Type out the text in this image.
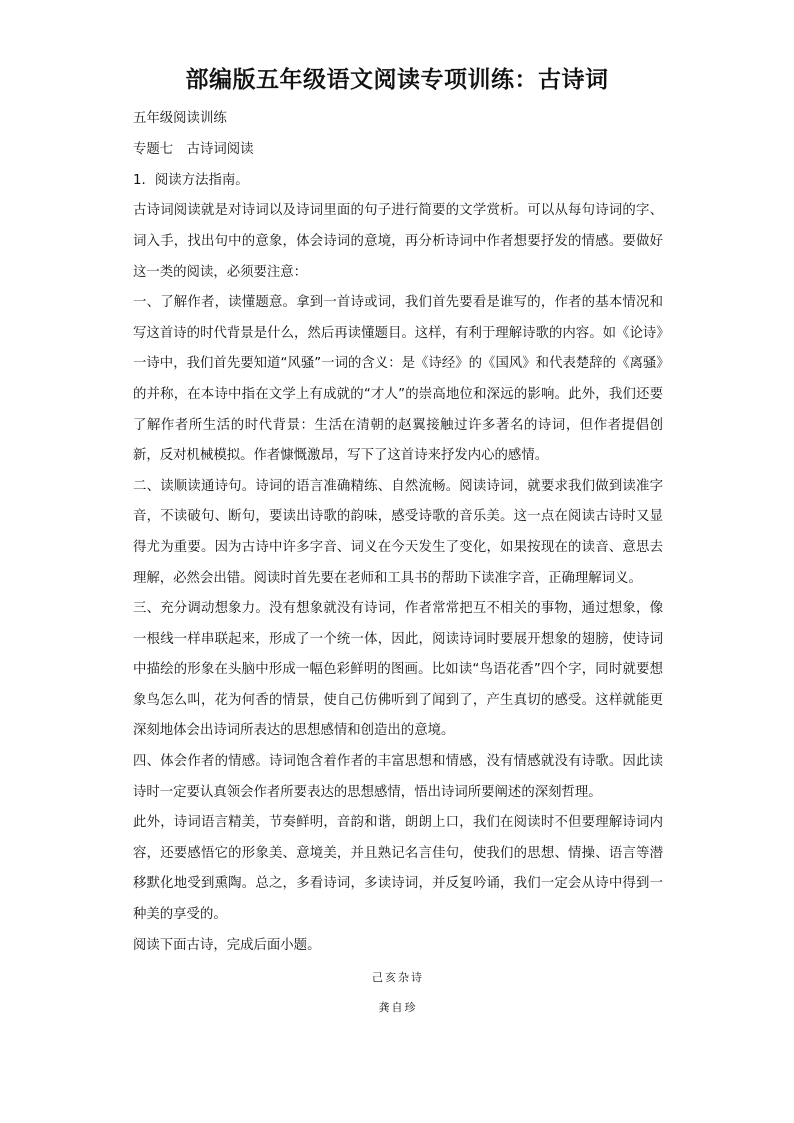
部编版五年级语文阅读专项训练：古诗词

五年级阅读训练

专题七　古诗词阅读

1．阅读方法指南。

古诗词阅读就是对诗词以及诗词里面的句子进行简要的文学赏析。可以从每句诗词的字、词入手，找出句中的意象，体会诗词的意境，再分析诗词中作者想要抒发的情感。要做好这一类的阅读，必须要注意：

一、了解作者，读懂题意。拿到一首诗或词，我们首先要看是谁写的，作者的基本情况和写这首诗的时代背景是什么，然后再读懂题目。这样，有利于理解诗歌的内容。如《论诗》一诗中，我们首先要知道“风骚”一词的含义：是《诗经》的《国风》和代表楚辞的《离骚》的并称，在本诗中指在文学上有成就的“才人”的崇高地位和深远的影响。此外，我们还要了解作者所生活的时代背景：生活在清朝的赵翼接触过许多著名的诗词，但作者提倡创新，反对机械模拟。作者慷慨激昂，写下了这首诗来抒发内心的感情。

二、读顺读通诗句。诗词的语言准确精练、自然流畅。阅读诗词，就要求我们做到读准字音，不读破句、断句，要读出诗歌的韵味，感受诗歌的音乐美。这一点在阅读古诗时又显得尤为重要。因为古诗中许多字音、词义在今天发生了变化，如果按现在的读音、意思去理解，必然会出错。阅读时首先要在老师和工具书的帮助下读准字音，正确理解词义。

三、充分调动想象力。没有想象就没有诗词，作者常常把互不相关的事物，通过想象，像一根线一样串联起来，形成了一个统一体，因此，阅读诗词时要展开想象的翅膀，使诗词中描绘的形象在头脑中形成一幅色彩鲜明的图画。比如读“鸟语花香”四个字，同时就要想象鸟怎么叫，花为何香的情景，使自己仿佛听到了闻到了，产生真切的感受。这样就能更深刻地体会出诗词所表达的思想感情和创造出的意境。

四、体会作者的情感。诗词饱含着作者的丰富思想和情感，没有情感就没有诗歌。因此读诗时一定要认真领会作者所要表达的思想感情，悟出诗词所要阐述的深刻哲理。

此外，诗词语言精美，节奏鲜明，音韵和谐，朗朗上口，我们在阅读时不但要理解诗词内容，还要感悟它的形象美、意境美，并且熟记名言佳句，使我们的思想、情操、语言等潜移默化地受到熏陶。总之，多看诗词，多读诗词，并反复吟诵，我们一定会从诗中得到一种美的享受的。

阅读下面古诗，完成后面小题。

己亥杂诗

龚自珍
